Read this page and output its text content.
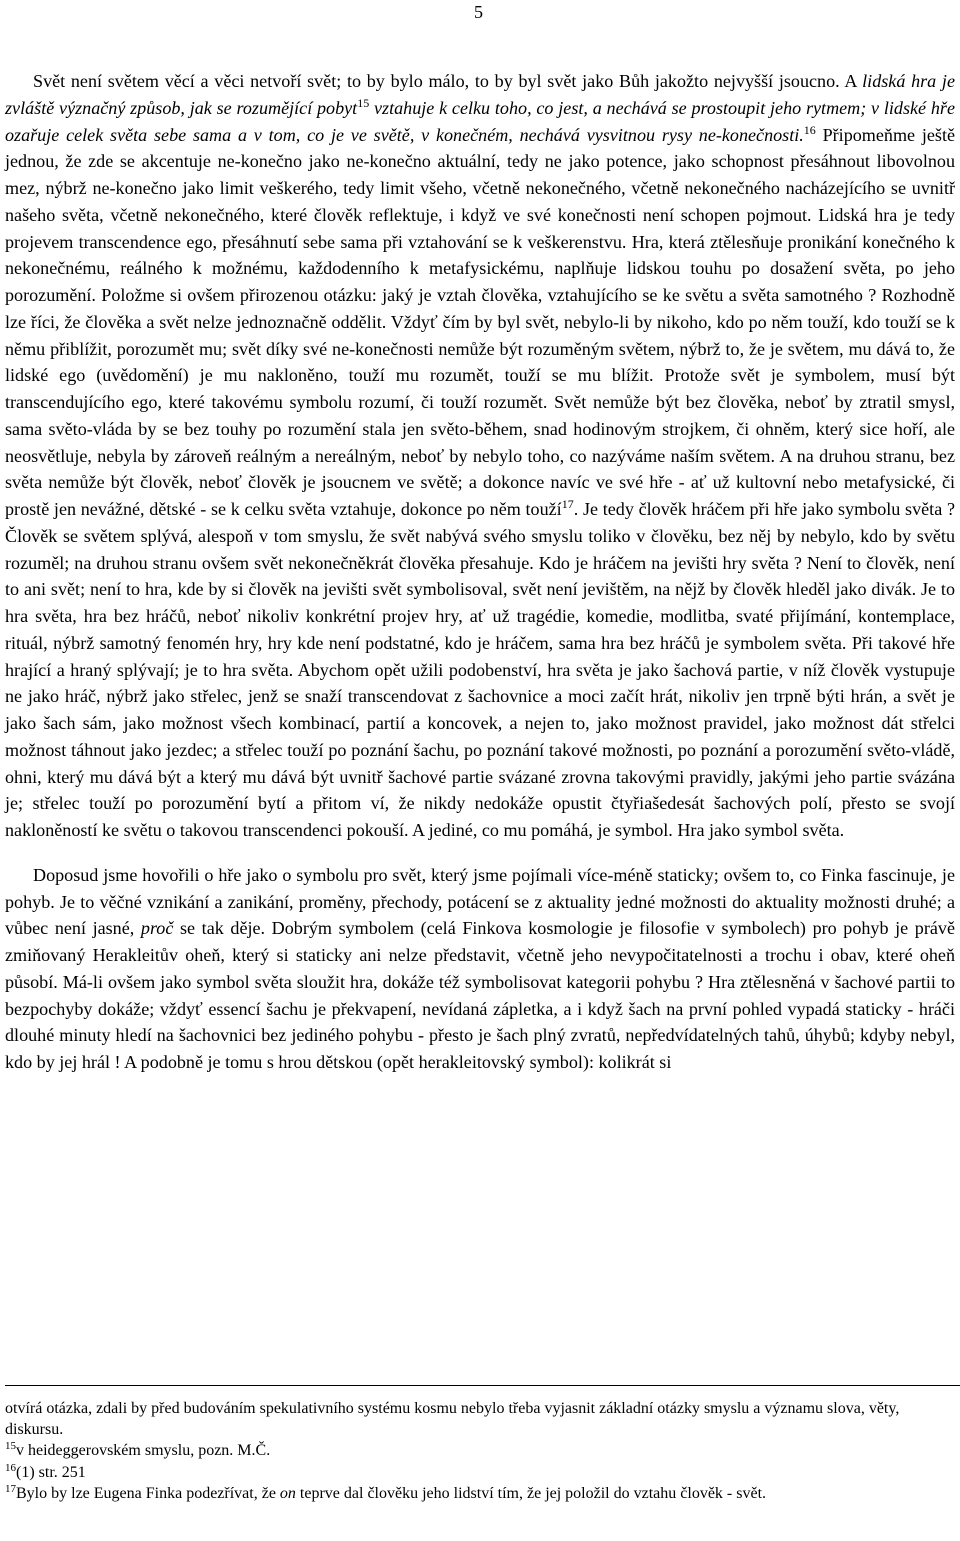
5

Svět není světem věcí a věci netvoří svět; to by bylo málo, to by byl svět jako Bůh jakožto nejvyšší jsoucno. A lidská hra je zvláště význačný způsob, jak se rozumějící pobyt$^{15}$ vztahuje k celku toho, co jest, a nechává se prostoupit jeho rytmem; v lidské hře ozařuje celek světa sebe sama a v tom, co je ve světě, v konečném, nechává vysvitnou rysy ne-konečnosti.$^{16}$ Připomeňme ještě jednou, že zde se akcentuje ne-konečno jako ne-konečno aktuální, tedy ne jako potence, jako schopnost přesáhnout libovolnou mez, nýbrž ne-konečno jako limit veškerého, tedy limit všeho, včetně nekonečného, včetně nekonečného nacházejícího se uvnitř našeho světa, včetně nekonečného, které člověk reflektuje, i když ve své konečnosti není schopen pojmout. Lidská hra je tedy projevem transcendence ego, přesáhnutí sebe sama při vztahování se k veškerenstvu. Hra, která ztělesňuje pronikání konečného k nekonečnému, reálného k možnému, každodenního k metafysickému, naplňuje lidskou touhu po dosažení světa, po jeho porozumění. Položme si ovšem přirozenou otázku: jaký je vztah člověka, vztahujícího se ke světu a světa samotného ? Rozhodně lze říci, že člověka a svět nelze jednoznačně oddělit. Vždyť čím by byl svět, nebylo-li by nikoho, kdo po něm touží, kdo touží se k němu přiblížit, porozumět mu; svět díky své ne-konečnosti nemůže být rozuměným světem, nýbrž to, že je světem, mu dává to, že lidské ego (uvědomění) je mu nakloněno, touží mu rozumět, touží se mu blížit. Protože svět je symbolem, musí být transcendujícího ego, které takovému symbolu rozumí, či touží rozumět. Svět nemůže být bez člověka, neboť by ztratil smysl, sama světo-vláda by se bez touhy po rozumění stala jen světo-během, snad hodinovým strojkem, či ohněm, který sice hoří, ale neosvětluje, nebyla by zároveň reálným a nereálným, neboť by nebylo toho, co nazýváme naším světem. A na druhou stranu, bez světa nemůže být člověk, neboť člověk je jsoucnem ve světě; a dokonce navíc ve své hře - ať už kultovní nebo metafysické, či prostě jen nevážné, dětské - se k celku světa vztahuje, dokonce po něm touží$^{17}$. Je tedy člověk hráčem při hře jako symbolu světa ? Člověk se světem splývá, alespoň v tom smyslu, že svět nabývá svého smyslu toliko v člověku, bez něj by nebylo, kdo by světu rozuměl; na druhou stranu ovšem svět nekonečněkrát člověka přesahuje. Kdo je hráčem na jevišti hry světa ? Není to člověk, není to ani svět; není to hra, kde by si člověk na jevišti svět symbolisoval, svět není jevištěm, na nějž by člověk hleděl jako divák. Je to hra světa, hra bez hráčů, neboť nikoliv konkrétní projev hry, ať už tragédie, komedie, modlitba, svaté přijímání, kontemplace, rituál, nýbrž samotný fenomén hry, hry kde není podstatné, kdo je hráčem, sama hra bez hráčů je symbolem světa. Při takové hře hrající a hraný splývají; je to hra světa. Abychom opět užili podobenství, hra světa je jako šachová partie, v níž člověk vystupuje ne jako hráč, nýbrž jako střelec, jenž se snaží transcendovat z šachovnice a moci začít hrát, nikoliv jen trpně býti hrán, a svět je jako šach sám, jako možnost všech kombinací, partií a koncovek, a nejen to, jako možnost pravidel, jako možnost dát střelci možnost táhnout jako jezdec; a střelec touží po poznání šachu, po poznání takové možnosti, po poznání a porozumění světo-vládě, ohni, který mu dává být a který mu dává být uvnitř šachové partie svázané zrovna takovými pravidly, jakými jeho partie svázána je; střelec touží po porozumění bytí a přitom ví, že nikdy nedokáže opustit čtyřiašedesát šachových polí, přesto se svojí nakloněností ke světu o takovou transcendenci pokouší. A jediné, co mu pomáhá, je symbol. Hra jako symbol světa.

Doposud jsme hovořili o hře jako o symbolu pro svět, který jsme pojímali více-méně staticky; ovšem to, co Finka fascinuje, je pohyb. Je to věčné vznikání a zanikání, proměny, přechody, potácení se z aktuality jedné možnosti do aktuality možnosti druhé; a vůbec není jasné, proč se tak děje. Dobrým symbolem (celá Finkova kosmologie je filosofie v symbolech) pro pohyb je právě zmiňovaný Herakleitův oheň, který si staticky ani nelze představit, včetně jeho nevypočitatelnosti a trochu i obav, které oheň působí. Má-li ovšem jako symbol světa sloužit hra, dokáže též symbolisovat kategorii pohybu ? Hra ztělesněná v šachové partii to bezpochyby dokáže; vždyť essencí šachu je překvapení, nevídaná zápletka, a i když šach na první pohled vypadá staticky - hráči dlouhé minuty hledí na šachovnici bez jediného pohybu - přesto je šach plný zvratů, nepředvídatelných tahů, úhybů; kdyby nebyl, kdo by jej hrál ! A podobně je tomu s hrou dětskou (opět herakleitovský symbol): kolikrát si

otvírá otázka, zdali by před budováním spekulativního systému kosmu nebylo třeba vyjasnit základní otázky smyslu a významu slova, věty, diskursu.
$^{15}$v heideggerovském smyslu, pozn. M.Č.
$^{16}$(1) str. 251
$^{17}$Bylo by lze Eugena Finka podezřívat, že on teprve dal člověku jeho lidství tím, že jej položil do vztahu člověk - svět.
